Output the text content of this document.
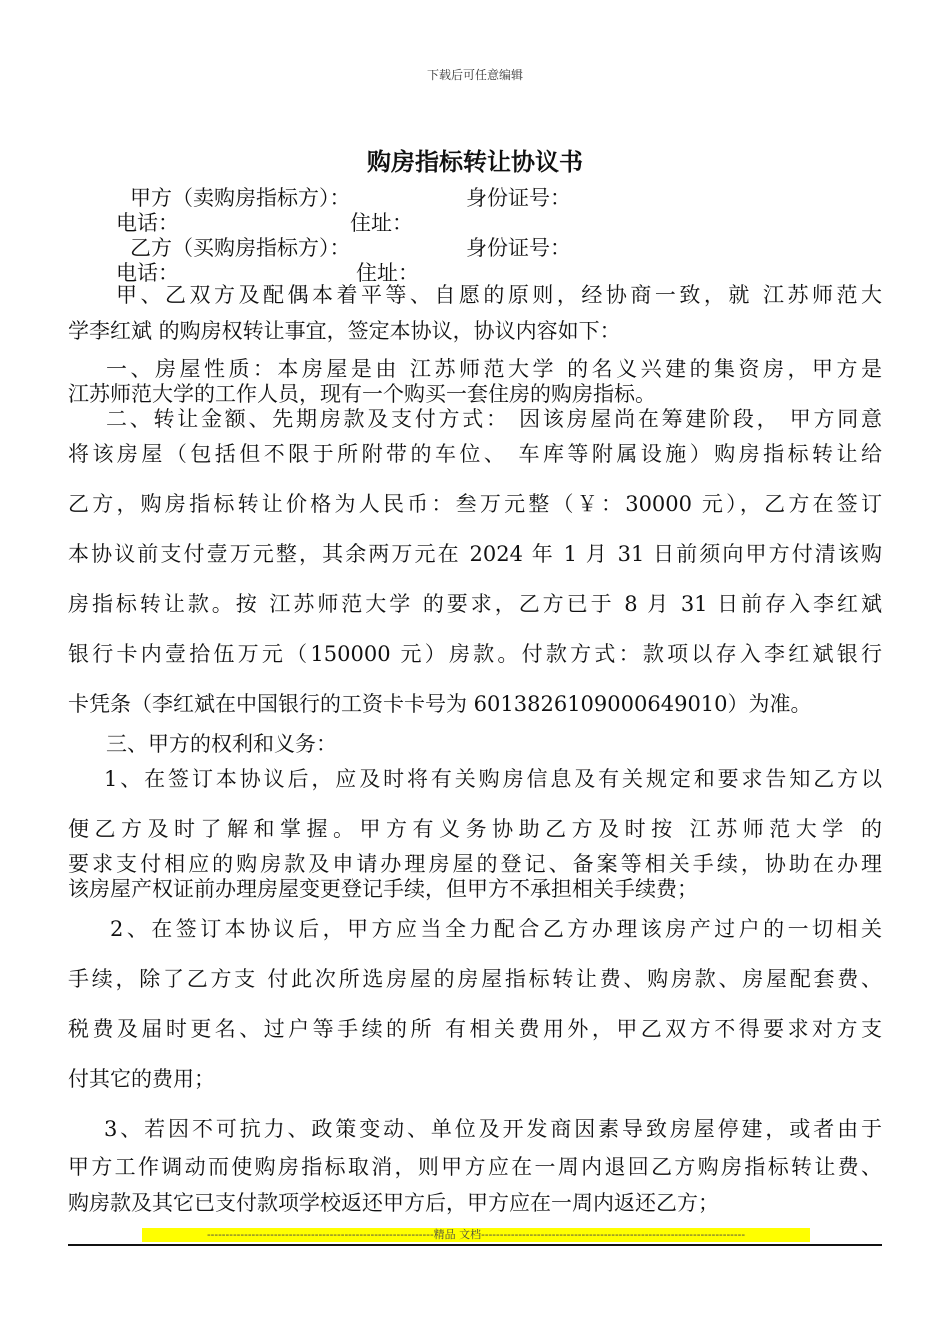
下载后可任意编辑
购房指标转让协议书
甲方（卖购房指标方）：	身份证号：
电话：	住址：
乙方（买购房指标方）：	身份证号：
电话：	住址：
甲、乙双方及配偶本着平等、自愿的原则，经协商一致，就 江苏师范大
学李红斌 的购房权转让事宜，签定本协议，协议内容如下：
一、房屋性质：本房屋是由 江苏师范大学 的名义兴建的集资房，甲方是
江苏师范大学的工作人员，现有一个购买一套住房的购房指标。
二、转让金额、先期房款及支付方式： 因该房屋尚在筹建阶段， 甲方同意
将该房屋（包括但不限于所附带的车位、 车库等附属设施）购房指标转让给
乙方，购房指标转让价格为人民币：叁万元整（￥：30000 元），乙方在签订
本协议前支付壹万元整，其余两万元在 2024 年 1 月 31 日前须向甲方付清该购
房指标转让款。按 江苏师范大学 的要求，乙方已于 8 月 31 日前存入李红斌
银行卡内壹拾伍万元（150000 元）房款。付款方式：款项以存入李红斌银行
卡凭条（李红斌在中国银行的工资卡卡号为 6013826109000649010）为准。
三、甲方的权利和义务：
1、在签订本协议后，应及时将有关购房信息及有关规定和要求告知乙方以
便乙方及时了解和掌握。甲方有义务协助乙方及时按 江苏师范大学 的
要求支付相应的购房款及申请办理房屋的登记、备案等相关手续，协助在办理
该房屋产权证前办理房屋变更登记手续，但甲方不承担相关手续费；
2、在签订本协议后，甲方应当全力配合乙方办理该房产过户的一切相关
手续，除了乙方支 付此次所选房屋的房屋指标转让费、购房款、房屋配套费、
税费及届时更名、过户等手续的所 有相关费用外，甲乙双方不得要求对方支
付其它的费用；
3、若因不可抗力、政策变动、单位及开发商因素导致房屋停建，或者由于
甲方工作调动而使购房指标取消，则甲方应在一周内退回乙方购房指标转让费、
购房款及其它已支付款项学校返还甲方后，甲方应在一周内返还乙方；
-------------------------------------------------------------精品 文档-----------------------------------------------------------------------
